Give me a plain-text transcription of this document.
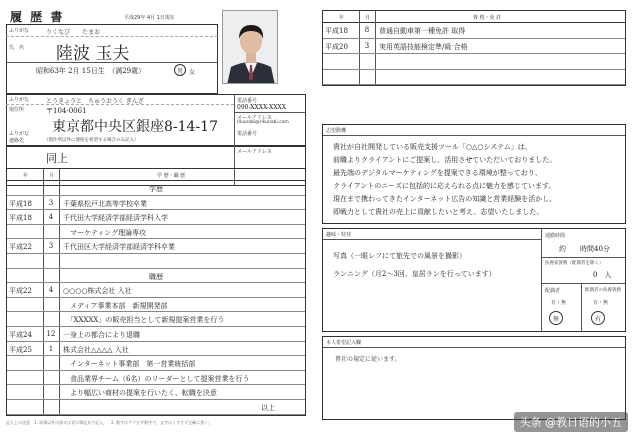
履 歴 書	平成29年 4月 1日現在
ふりがな	りくなび　　たまお
氏　名 陸波 玉夫
昭和63年 2月 15日生　（満29歳）	男	女
ふりがな	とうきょうと　ちゅうおうく ぎんざ
現住所	〒104-0061
東京都中央区銀座8-14-17
電話番号
090-XXXX-XXXX
メールアドレス
rikunabi@rikunabi.com
ふりがな
連絡先	（現住所以外に連絡を希望する場合のみ記入）
同上
電話番号
メールアドレス
年	月	学 歴・職 歴
学歴
平成18	3	千葉県松戸北高等学校卒業
平成18	4	千代田大学経済学部経済学科入学
　マーケティング理論専攻
平成22	3	千代田区大学経済学部経済学科卒業
職歴
平成22	4	○○○○株式会社 入社
　メディア事業本部　新規開発部
　「XXXXX」の販売担当として新規提案営業を行う
平成24	12 一身上の都合により退職
平成25	1	株式会社△△△△ 入社
　インターネット事業部　第一営業統括部
　食品業界チーム（6名）のリーダーとして提案営業を行う
　より幅広い商材の提案を行いたく、転職を決意
以上
記入上の注意　1. 鉛筆以外の黒又は青の筆記具で記入。　2. 数字はアラビア数字で、文字はくずさず正確に書く。
年	月	資 格・免 許
平成18	8	普通自動車第一種免許 取得
平成20	3	実用英語技能検定準/級 合格
志望動機
貴社が自社開発している販売支援ツール「○△○システム」は、
前職よりクライアントにご提案し、活用させていただいておりました。
最先端のデジタルマーケティングを提案できる環境が整っており、
クライアントのニーズに包括的に応えられる点に魅力を感じています。
現在まで携わってきたインターネット広告の知識と営業経験を活かし、
即戦力として貴社の売上に貢献したいと考え、志望いたしました。
趣味・特技
写真（一眼レフにて旅先での風景を撮影）
ランニング（月2～3回、皇居ランを行っています）
通勤時間
約　　時間40分
扶養家族数（配偶者を除く）
0　人
配偶者	配偶者の扶養義務
有・無	有・無
無	有
本人希望記入欄
貴社の規定に従います。
头条 @教日语的小五
